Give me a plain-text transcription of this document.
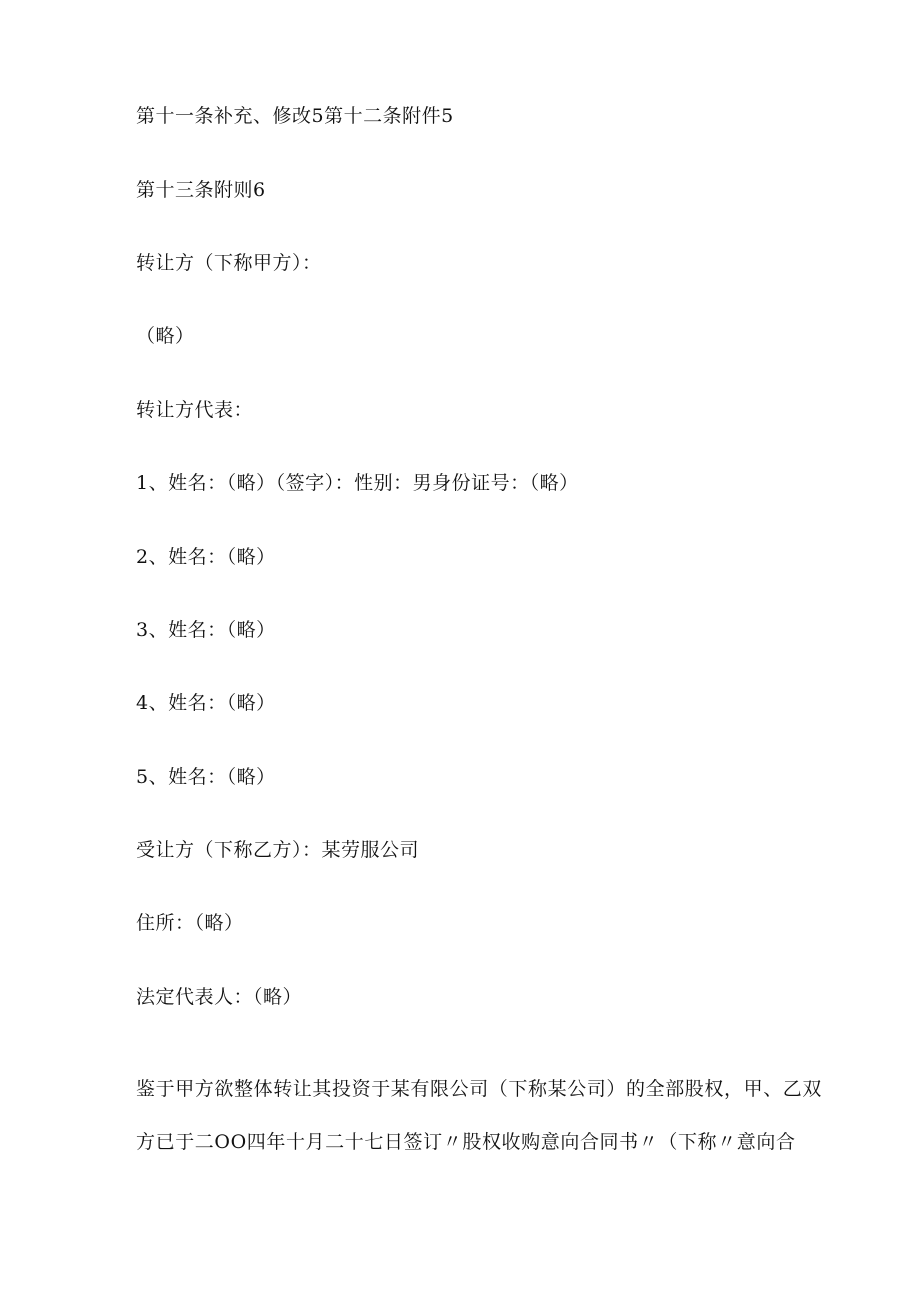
第十一条补充、修改5第十二条附件5
第十三条附则6
转让方（下称甲方）：
（略）
转让方代表：
1、姓名：（略）（签字）：性别：男身份证号：（略）
2、姓名：（略）
3、姓名：（略）
4、姓名：（略）
5、姓名：（略）
受让方（下称乙方）：某劳服公司
住所：（略）
法定代表人：（略）

鉴于甲方欲整体转让其投资于某有限公司（下称某公司）的全部股权，甲、乙双

方已于二OO四年十月二十七日签订〃股权收购意向合同书〃（下称〃意向合
